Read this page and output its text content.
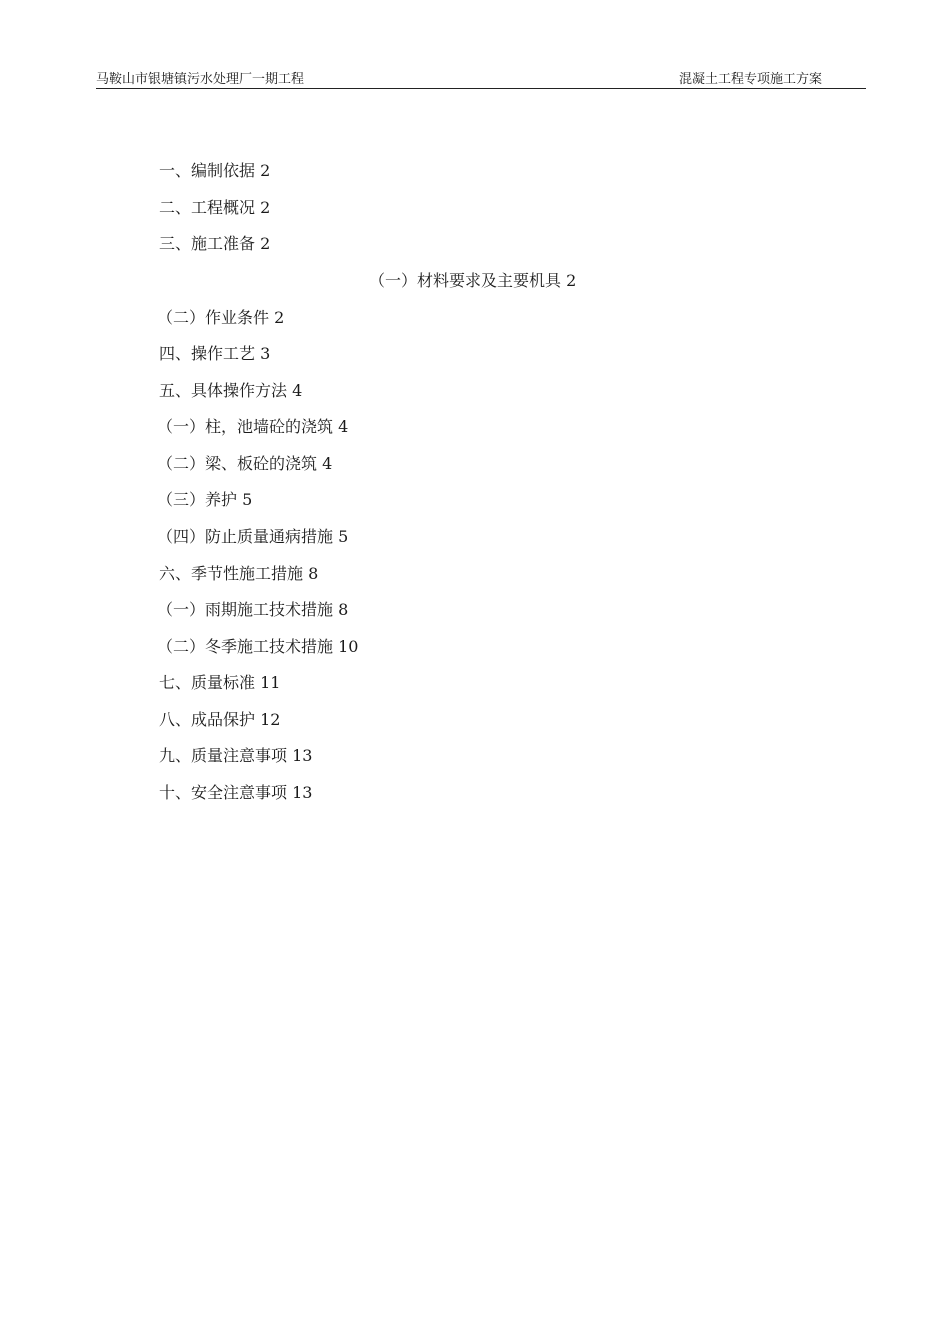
马鞍山市银塘镇污水处理厂一期工程	混凝土工程专项施工方案
一、编制依据 2
二、工程概况 2
三、施工准备 2
（一）材料要求及主要机具 2
（二）作业条件 2
四、操作工艺 3
五、具体操作方法 4
（一）柱，池墙砼的浇筑 4
（二）梁、板砼的浇筑 4
（三）养护 5
（四）防止质量通病措施 5
六、季节性施工措施 8
（一）雨期施工技术措施 8
（二）冬季施工技术措施 10
七、质量标准 11
八、成品保护 12
九、质量注意事项 13
十、安全注意事项 13
